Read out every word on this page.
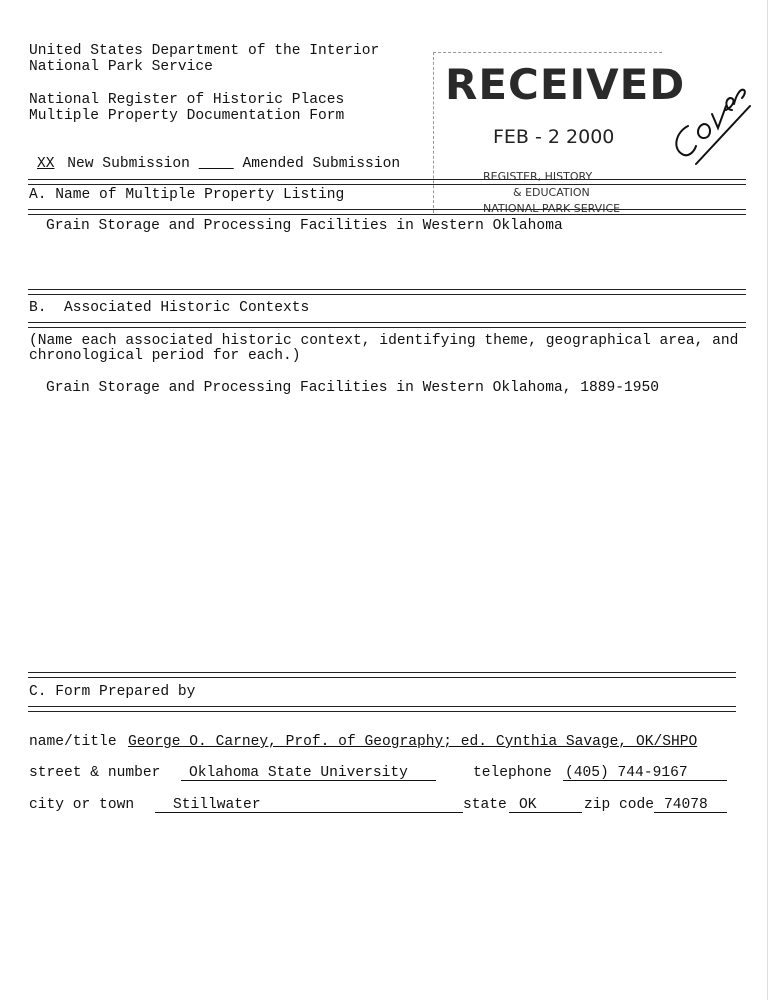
United States Department of the Interior
National Park Service
National Register of Historic Places
Multiple Property Documentation Form
XX New Submission	Amended Submission
RECEIVED
FEB - 2 2000
REGISTER, HISTORY
& EDUCATION
NATIONAL PARK SERVICE
A. Name of Multiple Property Listing
Grain Storage and Processing Facilities in Western Oklahoma
B.  Associated Historic Contexts
(Name each associated historic context, identifying theme, geographical area, and
chronological period for each.)
Grain Storage and Processing Facilities in Western Oklahoma, 1889-1950
C. Form Prepared by
name/title George O. Carney, Prof. of Geography; ed. Cynthia Savage, OK/SHPO
street & number	Oklahoma State University	telephone (405) 744-9167
city or town	Stillwater	state OK	zip code 74078
